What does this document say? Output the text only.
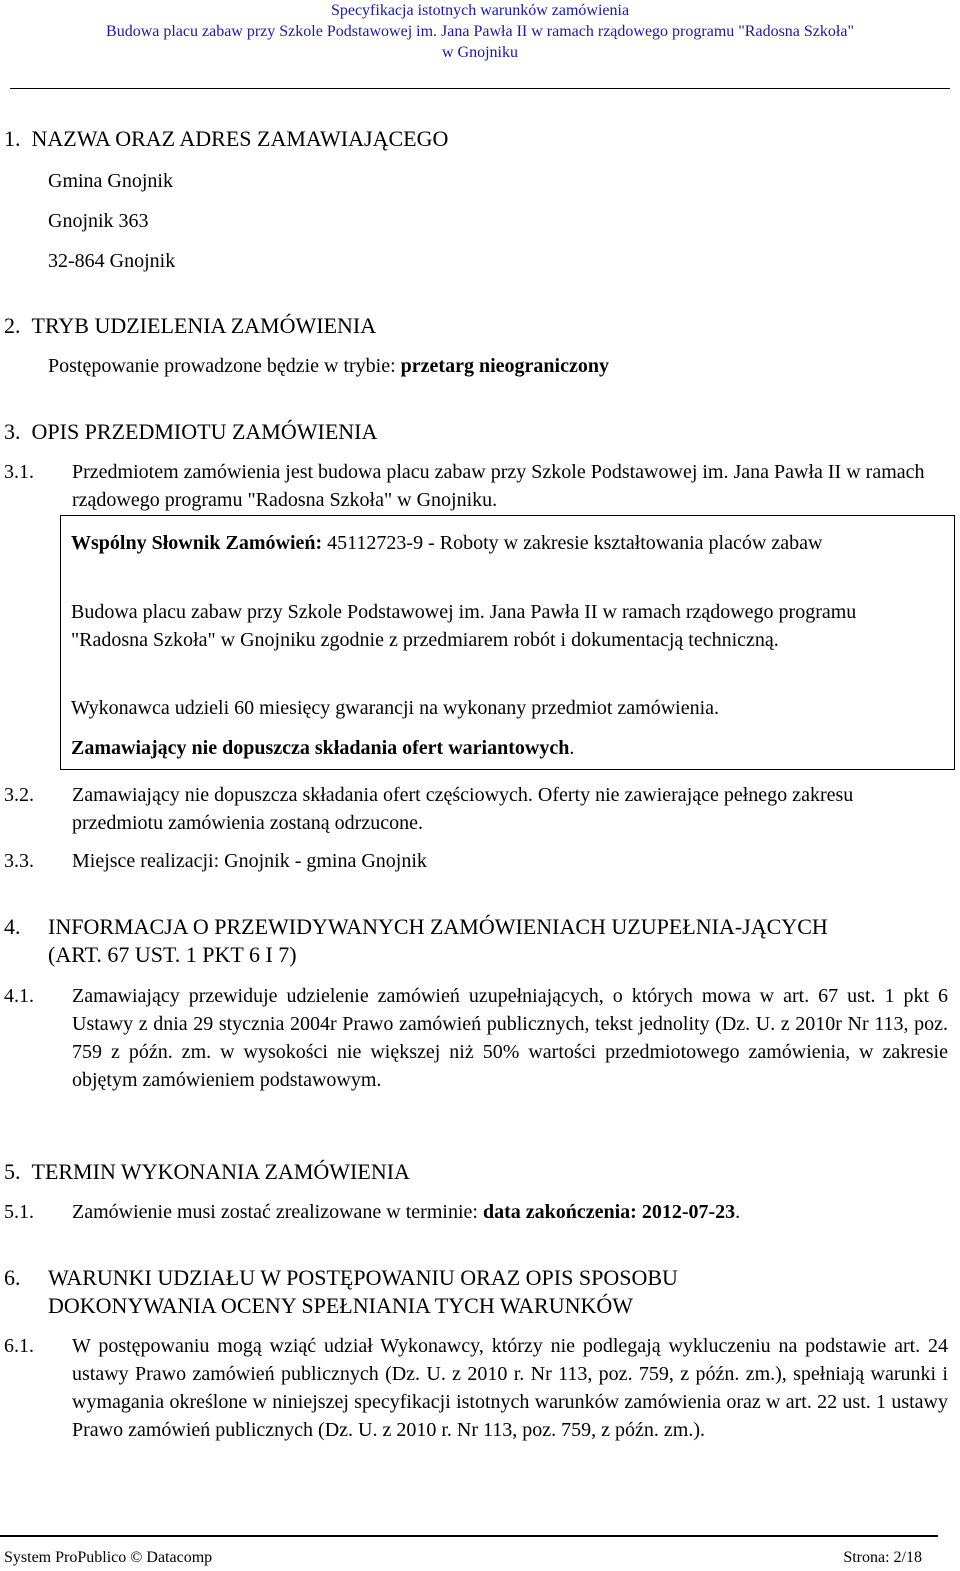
Specyfikacja istotnych warunków zamówienia
Budowa placu zabaw przy Szkole Podstawowej im. Jana Pawła II w ramach rządowego programu "Radosna Szkoła"
w Gnojniku
1.  NAZWA ORAZ ADRES ZAMAWIAJĄCEGO
Gmina Gnojnik
Gnojnik 363
32-864 Gnojnik
2.  TRYB UDZIELENIA ZAMÓWIENIA
Postępowanie prowadzone będzie w trybie: przetarg nieograniczony
3.  OPIS PRZEDMIOTU ZAMÓWIENIA
3.1. Przedmiotem zamówienia jest budowa placu zabaw przy Szkole Podstawowej im. Jana Pawła II w ramach rządowego programu "Radosna Szkoła" w Gnojniku.
Wspólny Słownik Zamówień: 45112723-9 - Roboty w zakresie kształtowania placów zabaw
Budowa placu zabaw przy Szkole Podstawowej im. Jana Pawła II w ramach rządowego programu "Radosna Szkoła" w Gnojniku zgodnie z przedmiarem robót i dokumentacją techniczną.
Wykonawca udzieli 60 miesięcy gwarancji na wykonany przedmiot zamówienia.
Zamawiający nie dopuszcza składania ofert wariantowych.
3.2. Zamawiający nie dopuszcza składania ofert częściowych. Oferty nie zawierające pełnego zakresu przedmiotu zamówienia zostaną odrzucone.
3.3. Miejsce realizacji: Gnojnik - gmina Gnojnik
4. INFORMACJA O PRZEWIDYWANYCH ZAMÓWIENIACH UZUPEŁNIA-JĄCYCH (ART. 67 UST. 1 PKT 6 I 7)
4.1. Zamawiający przewiduje udzielenie zamówień uzupełniających, o których mowa w art. 67 ust. 1 pkt 6 Ustawy z dnia 29 stycznia 2004r Prawo zamówień publicznych, tekst jednolity (Dz. U. z 2010r Nr 113, poz. 759 z późn. zm. w wysokości nie większej niż 50% wartości przedmiotowego zamówienia, w zakresie objętym zamówieniem podstawowym.
5.  TERMIN WYKONANIA ZAMÓWIENIA
5.1. Zamówienie musi zostać zrealizowane w terminie: data zakończenia: 2012-07-23.
6. WARUNKI UDZIAŁU W POSTĘPOWANIU ORAZ OPIS SPOSOBU DOKONYWANIA OCENY SPEŁNIANIA TYCH WARUNKÓW
6.1. W postępowaniu mogą wziąć udział Wykonawcy, którzy nie podlegają wykluczeniu na podstawie art. 24 ustawy Prawo zamówień publicznych (Dz. U. z 2010 r. Nr 113, poz. 759, z późn. zm.), spełniają warunki i wymagania określone w niniejszej specyfikacji istotnych warunków zamówienia oraz w art. 22 ust. 1 ustawy Prawo zamówień publicznych (Dz. U. z 2010 r. Nr 113, poz. 759, z późn. zm.).
System ProPublico © Datacomp	Strona: 2/18
